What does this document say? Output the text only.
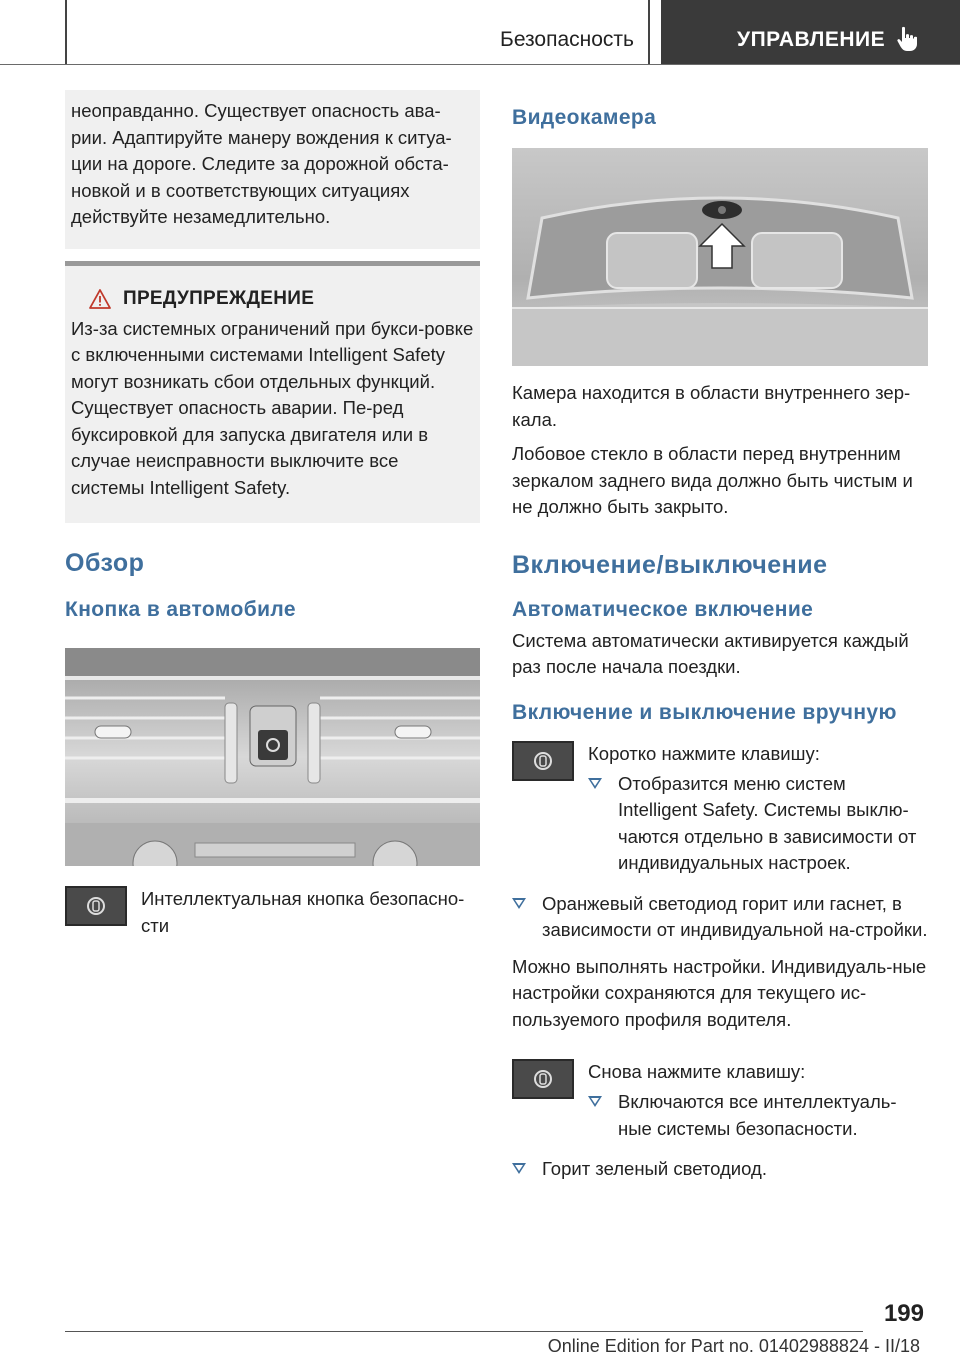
Безопасность	УПРАВЛЕНИЕ

неоправданно. Существует опасность ава-рии. Адаптируйте манеру вождения к ситуа-ции на дороге. Следите за дорожной обста-новкой и в соответствующих ситуациях действуйте незамедлительно.

ПРЕДУПРЕЖДЕНИЕ

Из-за системных ограничений при букси-ровке с включенными системами Intelligent Safety могут возникать сбои отдельных функций. Существует опасность аварии. Пе-ред буксировкой для запуска двигателя или в случае неисправности выключите все системы Intelligent Safety.

Обзор
Кнопка в автомобиле
Интеллектуальная кнопка безопасно-сти
Видеокамера

Камера находится в области внутреннего зер-кала.

Лобовое стекло в области перед внутренним зеркалом заднего вида должно быть чистым и не должно быть закрыто.

Включение/выключение
Автоматическое включение

Система автоматически активируется каждый раз после начала поездки.

Включение и выключение вручную
Коротко нажмите клавишу:
Отобразится меню систем Intelligent Safety. Системы выклю-чаются отдельно в зависимости от индивидуальных настроек.
Оранжевый светодиод горит или гаснет, в зависимости от индивидуальной на-стройки.

Можно выполнять настройки. Индивидуаль-ные настройки сохраняются для текущего ис-пользуемого профиля водителя.

Снова нажмите клавишу:
Включаются все интеллектуаль-ные системы безопасности.
Горит зеленый светодиод.
199
Online Edition for Part no. 01402988824 - II/18
